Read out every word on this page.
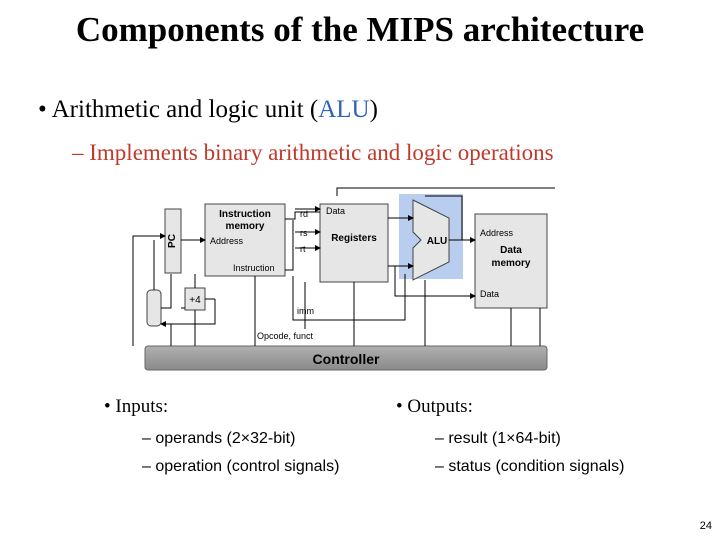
Components of the MIPS architecture
• Arithmetic and logic unit (ALU)
– Implements binary arithmetic and logic operations
Controller
PC
Instruction
memory
Address
Instruction
Registers
Data
rd
rs
rt
ALU
Address
Data
memory
Data
+4
imm
Opcode, funct
• Inputs:
– operands (2×32-bit)
– operation (control signals)
• Outputs:
– result (1×64-bit)
– status (condition signals)
24
